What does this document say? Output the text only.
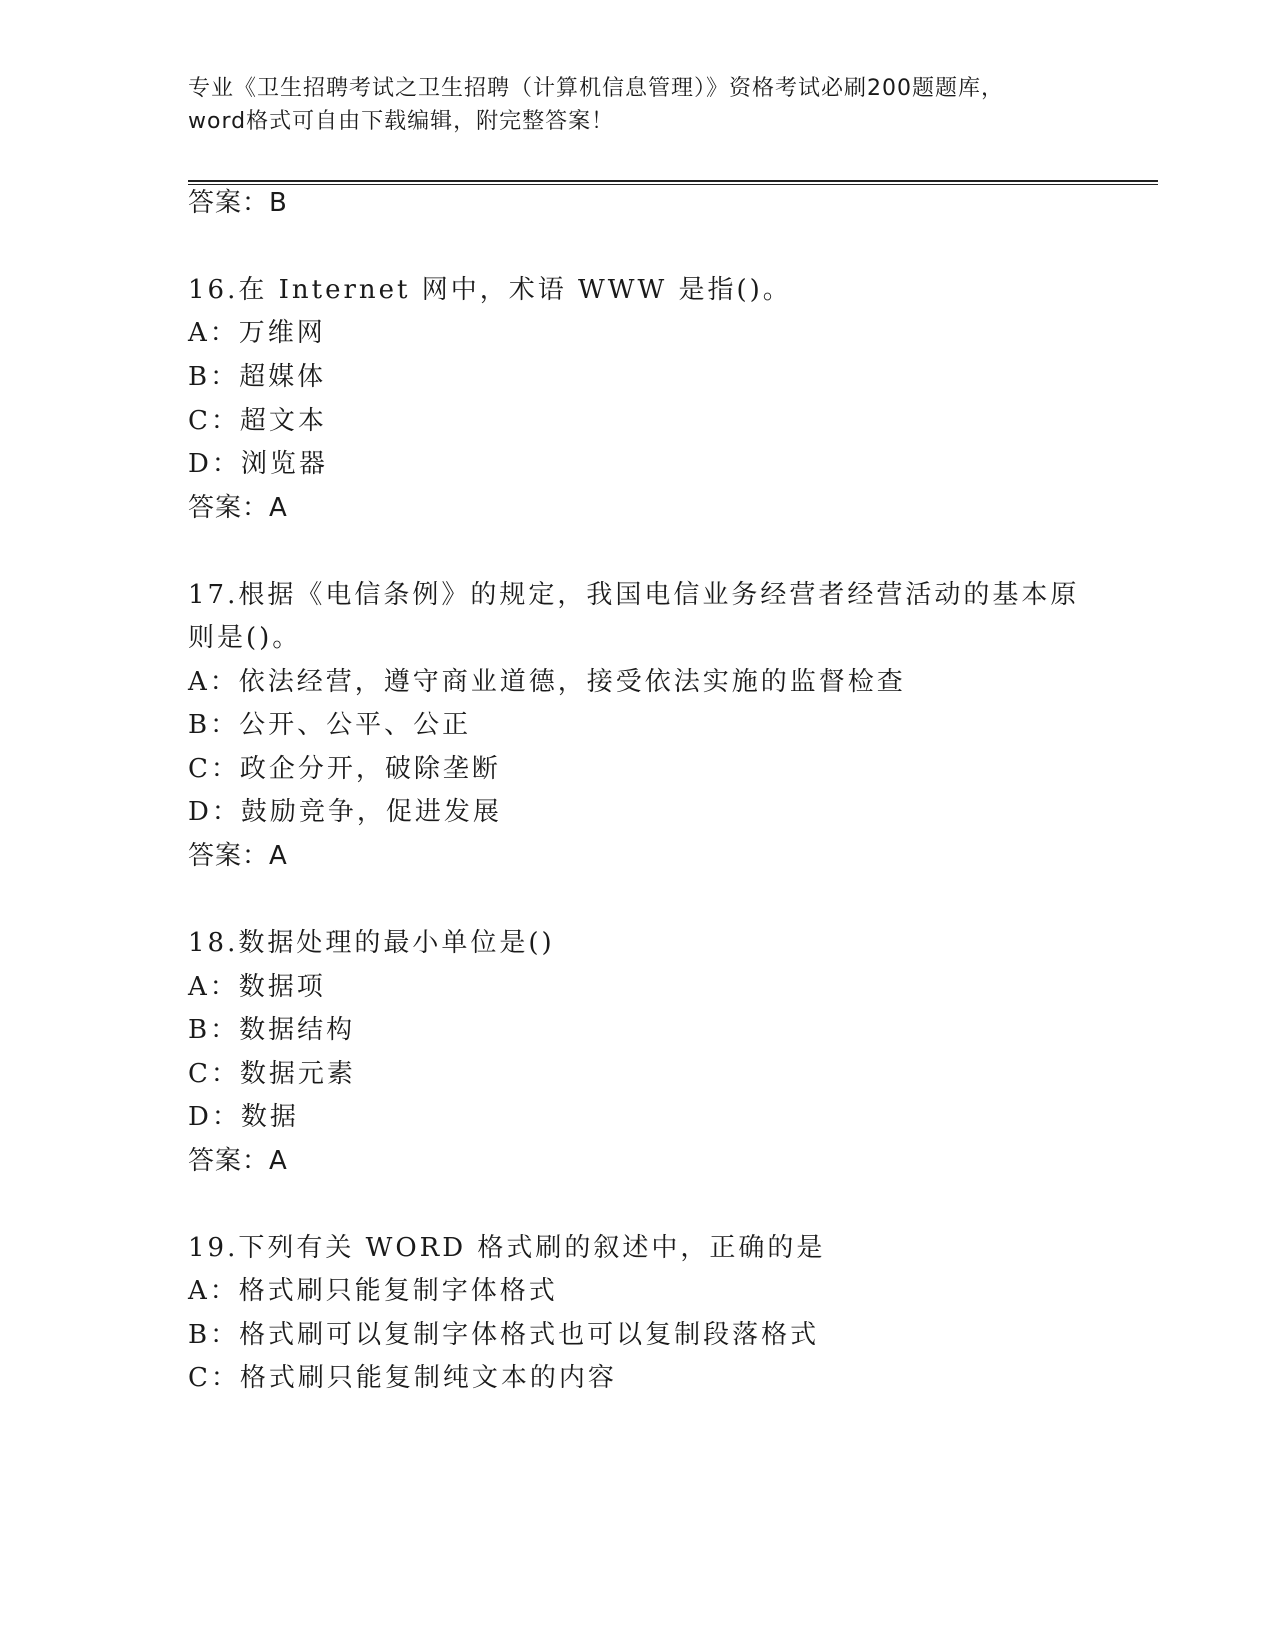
专业《卫生招聘考试之卫生招聘（计算机信息管理）》资格考试必刷200题题库，
word格式可自由下载编辑，附完整答案！
答案：B
16.在 Internet 网中，术语 WWW 是指()。
A：万维网
B：超媒体
C：超文本
D：浏览器
答案：A
17.根据《电信条例》的规定，我国电信业务经营者经营活动的基本原
则是()。
A：依法经营，遵守商业道德，接受依法实施的监督检查
B：公开、公平、公正
C：政企分开，破除垄断
D：鼓励竞争，促进发展
答案：A
18.数据处理的最小单位是()
A：数据项
B：数据结构
C：数据元素
D：数据
答案：A
19.下列有关 WORD 格式刷的叙述中，正确的是
A：格式刷只能复制字体格式
B：格式刷可以复制字体格式也可以复制段落格式
C：格式刷只能复制纯文本的内容
